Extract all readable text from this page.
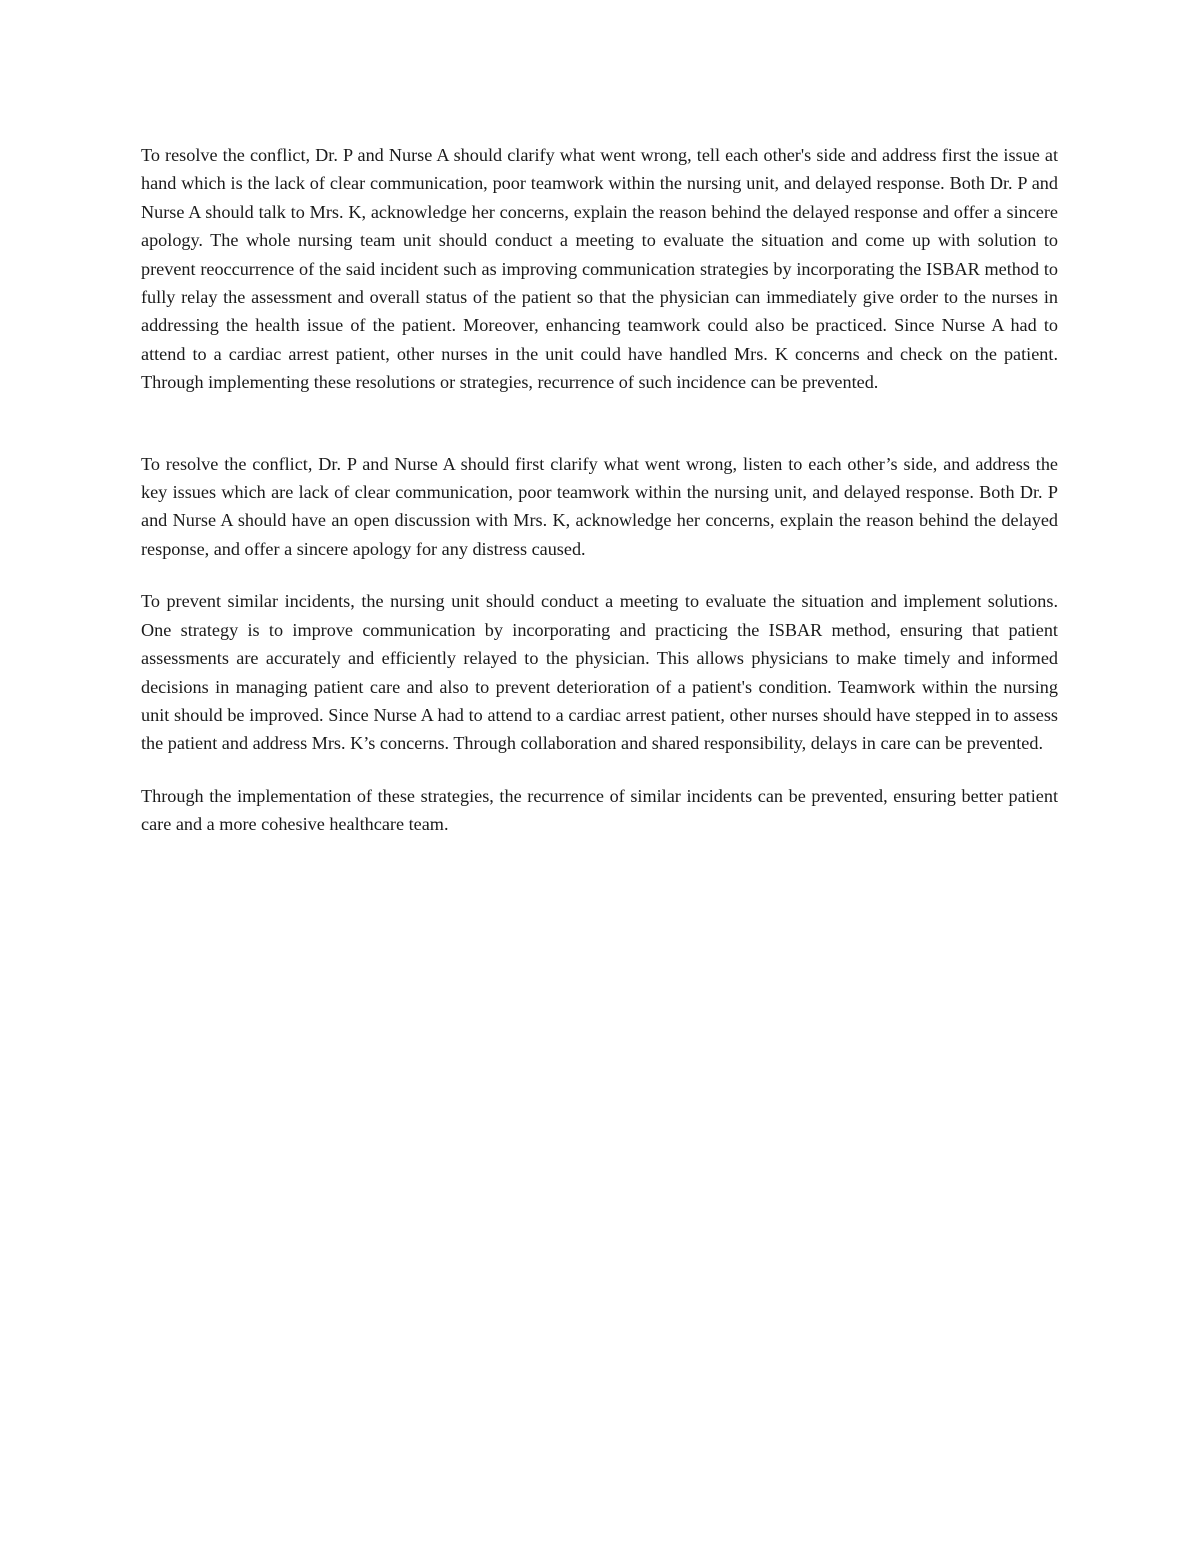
To resolve the conflict, Dr. P and Nurse A should clarify what went wrong, tell each other's side and address first the issue at hand which is the lack of clear communication, poor teamwork within the nursing unit, and delayed response. Both Dr. P and Nurse A should talk to Mrs. K, acknowledge her concerns, explain the reason behind the delayed response and offer a sincere apology. The whole nursing team unit should conduct a meeting to evaluate the situation and come up with solution to prevent reoccurrence of the said incident such as improving communication strategies by incorporating the ISBAR method to fully relay the assessment and overall status of the patient so that the physician can immediately give order to the nurses in addressing the health issue of the patient. Moreover, enhancing teamwork could also be practiced. Since Nurse A had to attend to a cardiac arrest patient, other nurses in the unit could have handled Mrs. K concerns and check on the patient. Through implementing these resolutions or strategies, recurrence of such incidence can be prevented.

To resolve the conflict, Dr. P and Nurse A should first clarify what went wrong, listen to each other’s side, and address the key issues which are lack of clear communication, poor teamwork within the nursing unit, and delayed response. Both Dr. P and Nurse A should have an open discussion with Mrs. K, acknowledge her concerns, explain the reason behind the delayed response, and offer a sincere apology for any distress caused.

To prevent similar incidents, the nursing unit should conduct a meeting to evaluate the situation and implement solutions. One strategy is to improve communication by incorporating and practicing the ISBAR method, ensuring that patient assessments are accurately and efficiently relayed to the physician. This allows physicians to make timely and informed decisions in managing patient care and also to prevent deterioration of a patient's condition. Teamwork within the nursing unit should be improved. Since Nurse A had to attend to a cardiac arrest patient, other nurses should have stepped in to assess the patient and address Mrs. K’s concerns. Through collaboration and shared responsibility, delays in care can be prevented.

Through the implementation of these strategies, the recurrence of similar incidents can be prevented, ensuring better patient care and a more cohesive healthcare team.
